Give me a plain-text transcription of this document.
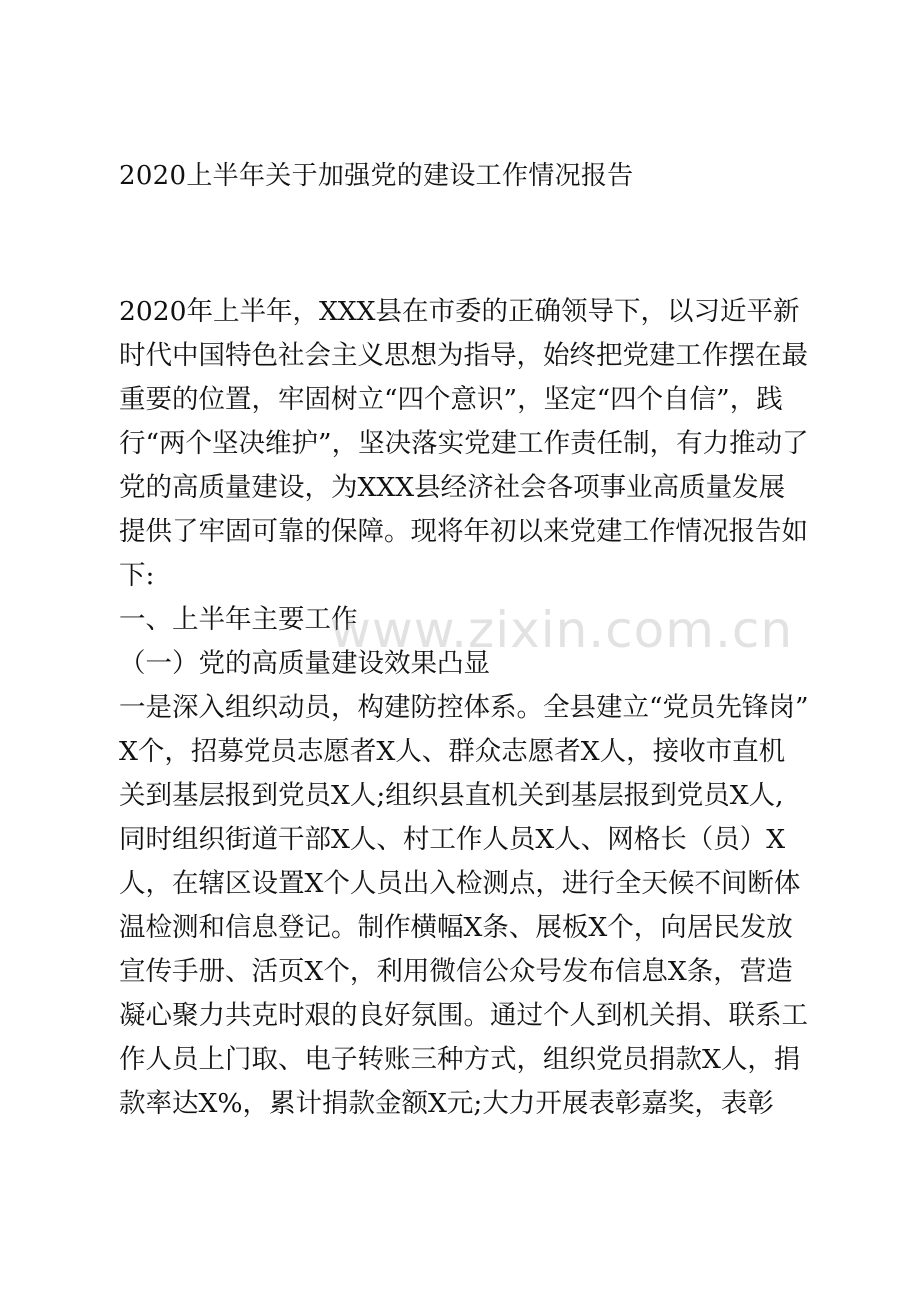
2020上半年关于加强党的建设工作情况报告
2020年上半年，XXX县在市委的正确领导下，以习近平新
时代中国特色社会主义思想为指导，始终把党建工作摆在最
重要的位置，牢固树立“四个意识”，坚定“四个自信”，践
行“两个坚决维护”，坚决落实党建工作责任制，有力推动了
党的高质量建设，为XXX县经济社会各项事业高质量发展
提供了牢固可靠的保障。现将年初以来党建工作情况报告如
下:
一、上半年主要工作
（一）党的高质量建设效果凸显
一是深入组织动员，构建防控体系。全县建立“党员先锋岗”
X个，招募党员志愿者X人、群众志愿者X人，接收市直机
关到基层报到党员X人;组织县直机关到基层报到党员X人,
同时组织街道干部X人、村工作人员X人、网格长（员）X
人，在辖区设置X个人员出入检测点，进行全天候不间断体
温检测和信息登记。制作横幅X条、展板X个，向居民发放
宣传手册、活页X个，利用微信公众号发布信息X条，营造
凝心聚力共克时艰的良好氛围。通过个人到机关捐、联系工
作人员上门取、电子转账三种方式，组织党员捐款X人，捐
款率达X%，累计捐款金额X元;大力开展表彰嘉奖，表彰
www.zixin.com.cn
